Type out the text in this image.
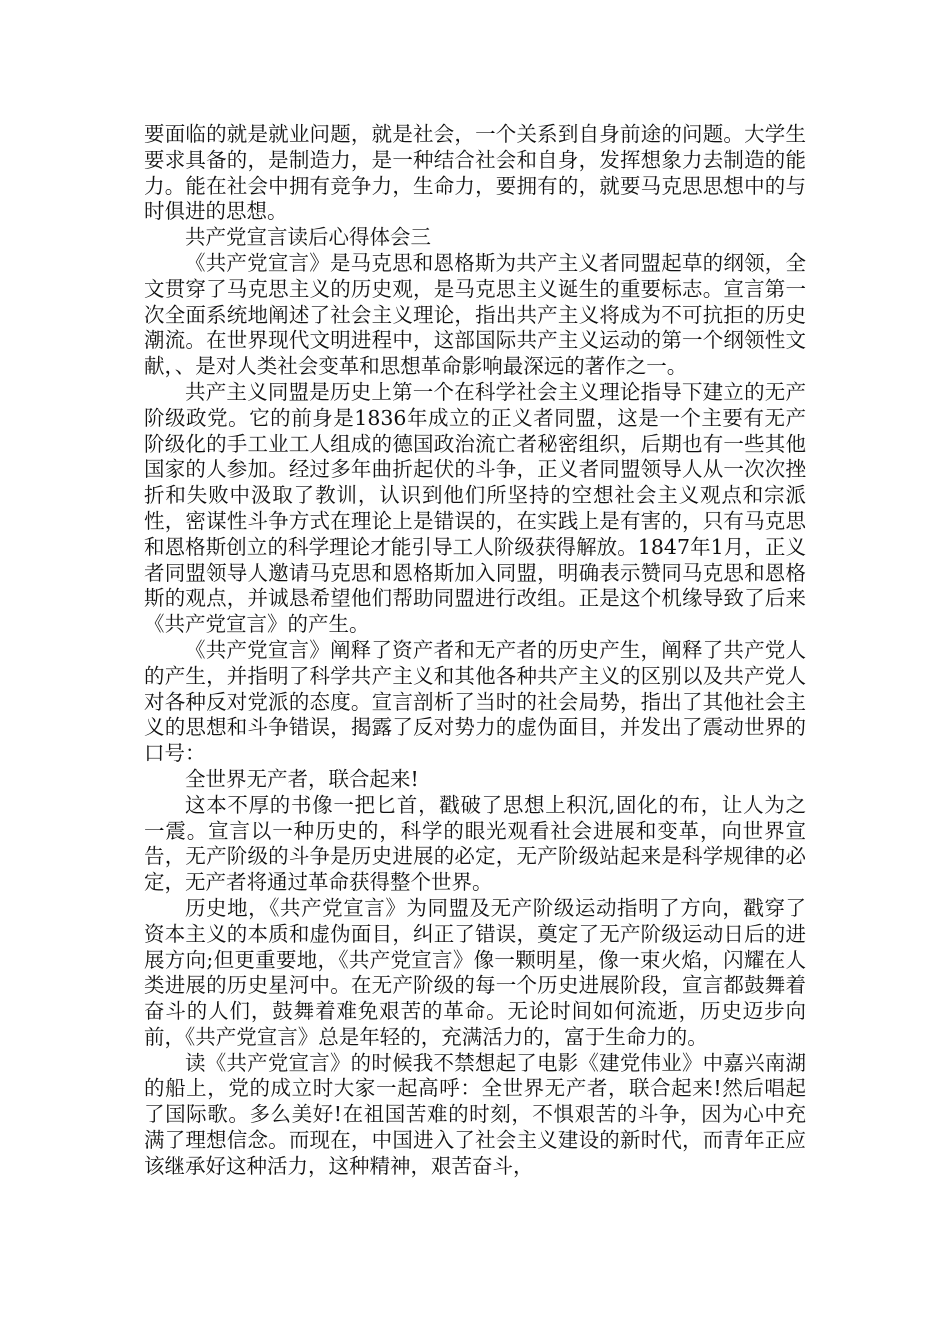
要面临的就是就业问题，就是社会，一个关系到自身前途的问题。大学生要求具备的，是制造力，是一种结合社会和自身，发挥想象力去制造的能力。能在社会中拥有竞争力，生命力，要拥有的，就要马克思思想中的与时俱进的思想。

共产党宣言读后心得体会三

《共产党宣言》是马克思和恩格斯为共产主义者同盟起草的纲领，全文贯穿了马克思主义的历史观，是马克思主义诞生的重要标志。宣言第一次全面系统地阐述了社会主义理论，指出共产主义将成为不可抗拒的历史潮流。在世界现代文明进程中，这部国际共产主义运动的第一个纲领性文献，、是对人类社会变革和思想革命影响最深远的著作之一。

共产主义同盟是历史上第一个在科学社会主义理论指导下建立的无产阶级政党。它的前身是1836年成立的正义者同盟，这是一个主要有无产阶级化的手工业工人组成的德国政治流亡者秘密组织，后期也有一些其他国家的人参加。经过多年曲折起伏的斗争，正义者同盟领导人从一次次挫折和失败中汲取了教训，认识到他们所坚持的空想社会主义观点和宗派性，密谋性斗争方式在理论上是错误的，在实践上是有害的，只有马克思和恩格斯创立的科学理论才能引导工人阶级获得解放。1847年1月，正义者同盟领导人邀请马克思和恩格斯加入同盟，明确表示赞同马克思和恩格斯的观点，并诚恳希望他们帮助同盟进行改组。正是这个机缘导致了后来《共产党宣言》的产生。

《共产党宣言》阐释了资产者和无产者的历史产生，阐释了共产党人的产生，并指明了科学共产主义和其他各种共产主义的区别以及共产党人对各种反对党派的态度。宣言剖析了当时的社会局势，指出了其他社会主义的思想和斗争错误，揭露了反对势力的虚伪面目，并发出了震动世界的口号：

全世界无产者，联合起来!

这本不厚的书像一把匕首，戳破了思想上积沉,固化的布，让人为之一震。宣言以一种历史的，科学的眼光观看社会进展和变革，向世界宣告，无产阶级的斗争是历史进展的必定，无产阶级站起来是科学规律的必定，无产者将通过革命获得整个世界。

历史地，《共产党宣言》为同盟及无产阶级运动指明了方向，戳穿了资本主义的本质和虚伪面目，纠正了错误，奠定了无产阶级运动日后的进展方向;但更重要地，《共产党宣言》像一颗明星，像一束火焰，闪耀在人类进展的历史星河中。在无产阶级的每一个历史进展阶段，宣言都鼓舞着奋斗的人们，鼓舞着难免艰苦的革命。无论时间如何流逝，历史迈步向前，《共产党宣言》总是年轻的，充满活力的，富于生命力的。

读《共产党宣言》的时候我不禁想起了电影《建党伟业》中嘉兴南湖的船上，党的成立时大家一起高呼：全世界无产者，联合起来!然后唱起了国际歌。多么美好!在祖国苦难的时刻，不惧艰苦的斗争，因为心中充满了理想信念。而现在，中国进入了社会主义建设的新时代，而青年正应该继承好这种活力，这种精神，艰苦奋斗，
